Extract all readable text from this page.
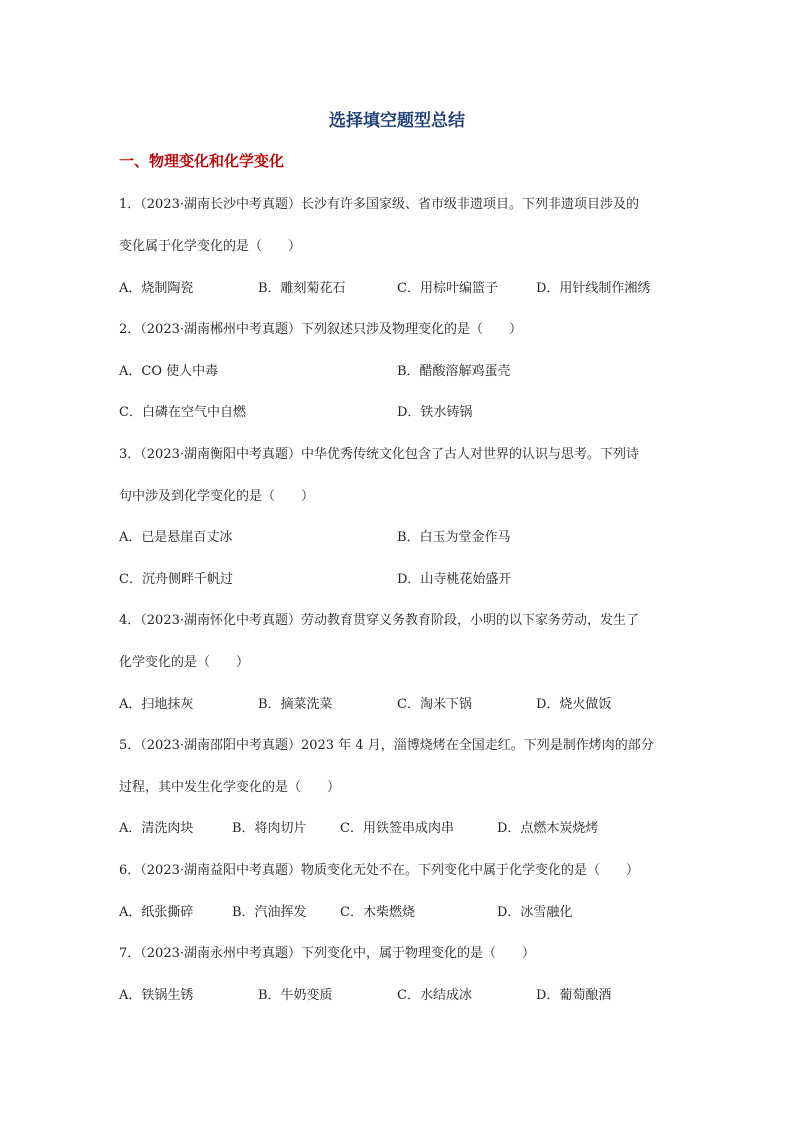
选择填空题型总结
一、物理变化和化学变化
1．（2023·湖南长沙中考真题）长沙有许多国家级、省市级非遗项目。下列非遗项目涉及的
变化属于化学变化的是（　　）
A．烧制陶瓷	B．雕刻菊花石	C．用棕叶编篮子	D．用针线制作湘绣
2．（2023·湖南郴州中考真题）下列叙述只涉及物理变化的是（　　）
A．CO 使人中毒	B．醋酸溶解鸡蛋壳
C．白磷在空气中自燃	D．铁水铸锅
3．（2023·湖南衡阳中考真题）中华优秀传统文化包含了古人对世界的认识与思考。下列诗
句中涉及到化学变化的是（　　）
A．已是悬崖百丈冰	B．白玉为堂金作马
C．沉舟侧畔千帆过	D．山寺桃花始盛开
4．（2023·湖南怀化中考真题）劳动教育贯穿义务教育阶段，小明的以下家务劳动，发生了
化学变化的是（　　）
A．扫地抹灰	B．摘菜洗菜	C．淘米下锅	D．烧火做饭
5．（2023·湖南邵阳中考真题）2023 年 4 月，淄博烧烤在全国走红。下列是制作烤肉的部分
过程，其中发生化学变化的是（　　）
A．清洗肉块	B．将肉切片	C．用铁签串成肉串	D．点燃木炭烧烤
6．（2023·湖南益阳中考真题）物质变化无处不在。下列变化中属于化学变化的是（　　）
A．纸张撕碎	B．汽油挥发	C．木柴燃烧	D．冰雪融化
7．（2023·湖南永州中考真题）下列变化中，属于物理变化的是（　　）
A．铁锅生锈	B．牛奶变质	C．水结成冰	D．葡萄酿酒
